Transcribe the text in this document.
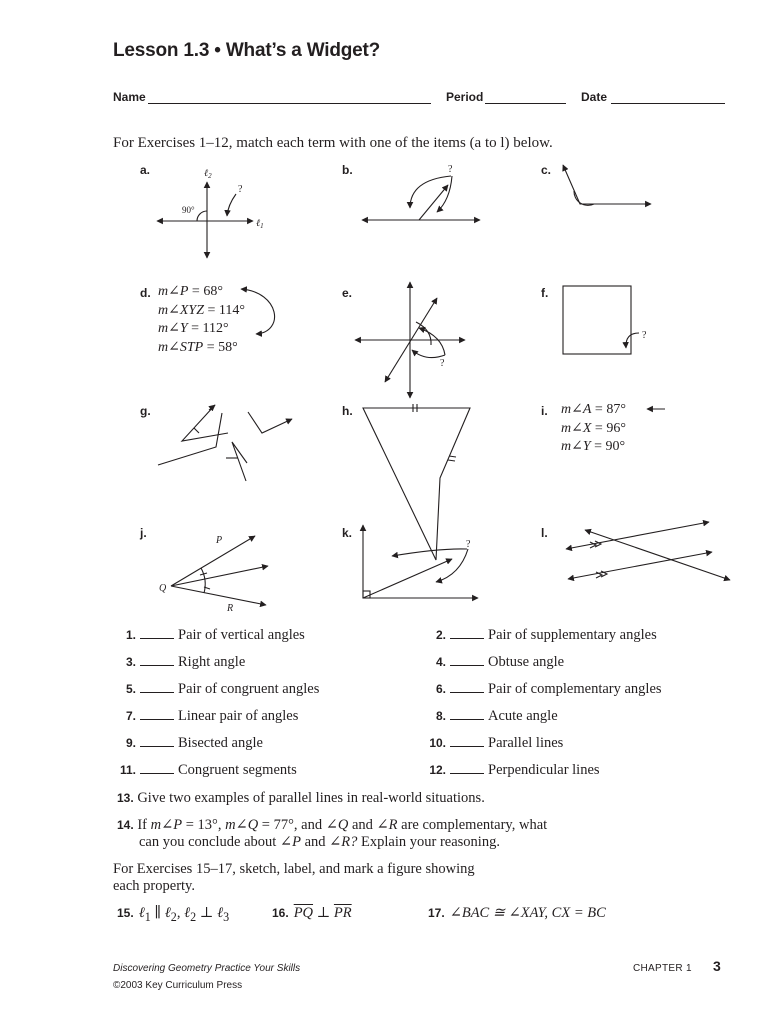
Lesson 1.3 • What’s a Widget?
Name	Period	Date
For Exercises 1–12, match each term with one of the items (a to l) below.
a.	b.	c.
d.	e.	f.
g.	h.	i.
j.	k.	l.
m∠P = 68°
m∠XYZ = 114°
m∠Y = 112°
m∠STP = 58°
m∠A = 87°
m∠X = 96°
m∠Y = 90°
ℓ$_2$
ℓ$_1$
90°
?
?
?
?
P
Q
R
?
1.	Pair of vertical angles	2.	Pair of supplementary angles
3.	Right angle	4.	Obtuse angle
5.	Pair of congruent angles	6.	Pair of complementary angles
7.	Linear pair of angles	8.	Acute angle
9.	Bisected angle	10.	Parallel lines
11.	Congruent segments	12.	Perpendicular lines
13. Give two examples of parallel lines in real-world situations.
14. If m∠P = 13°, m∠Q = 77°, and ∠Q and ∠R are complementary, what
can you conclude about ∠P and ∠R? Explain your reasoning.
For Exercises 15–17, sketch, label, and mark a figure showing
each property.
15. ℓ$_1$ ∥ ℓ$_2$, ℓ$_2$ ⊥ ℓ$_3$	16. $\overline{PQ}$ ⊥ $\overline{PR}$	17. ∠BAC ≅ ∠XAY, CX = BC
Discovering Geometry Practice Your Skills
©2003 Key Curriculum Press
CHAPTER 1 3
